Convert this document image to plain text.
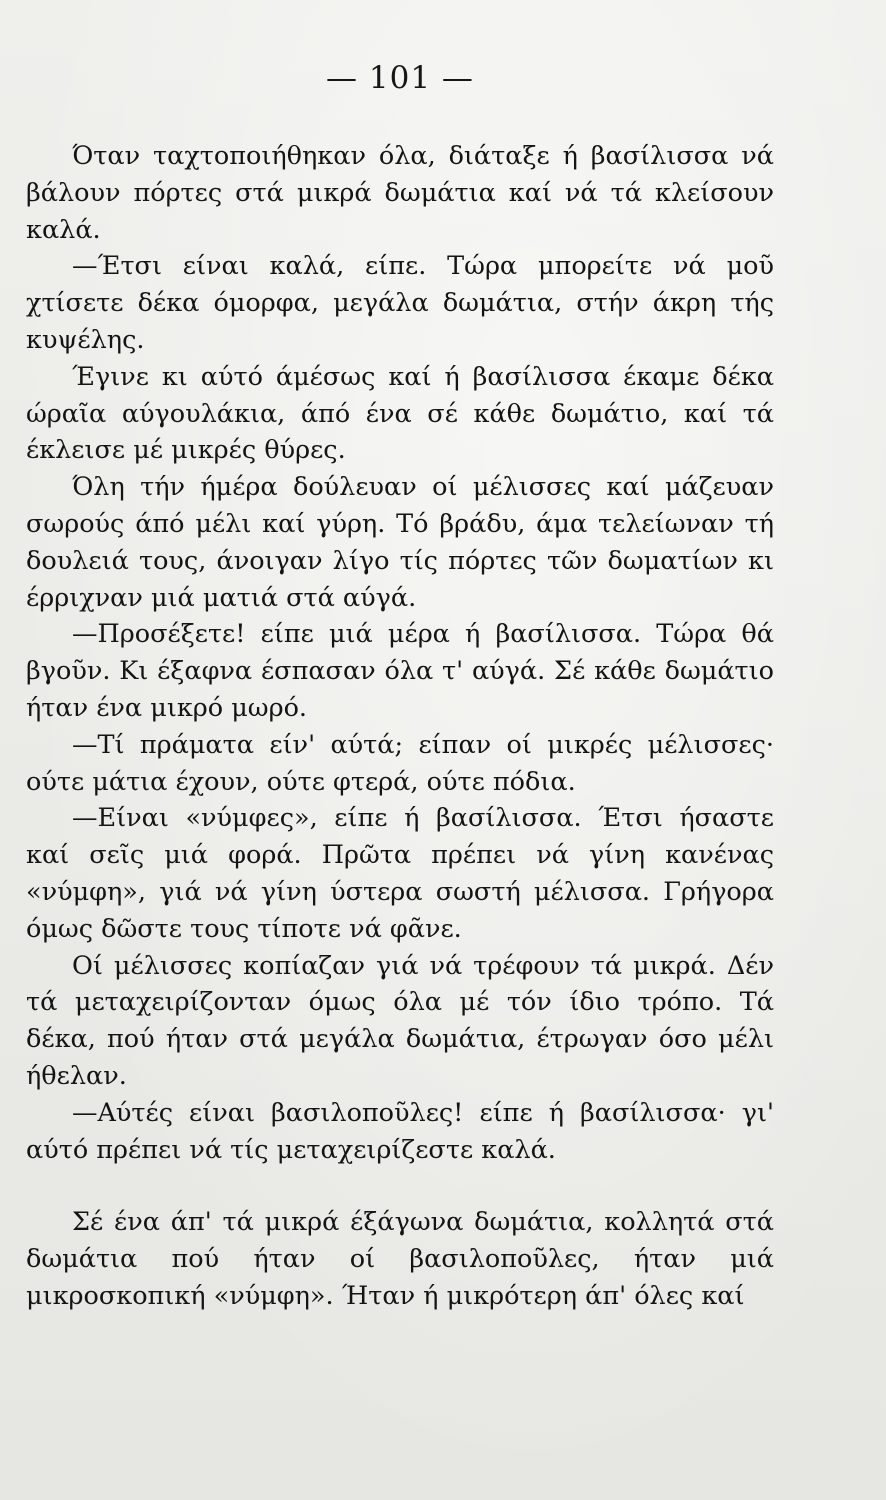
— 101 —

Όταν ταχτοποιήθηκαν όλα, διάταξε ή βασίλισσα νά βάλουν πόρτες στά μικρά δωμάτια καί νά τά κλείσουν καλά.

—Έτσι είναι καλά, είπε. Τώρα μπορείτε νά μοῦ χτίσετε δέκα όμορφα, μεγάλα δωμάτια, στήν άκρη τής κυψέλης.

Έγινε κι αύτό άμέσως καί ή βασίλισσα έκαμε δέκα ώραῖα αύγουλάκια, άπό ένα σέ κάθε δωμάτιο, καί τά έκλεισε μέ μικρές θύρες.

Όλη τήν ήμέρα δούλευαν οί μέλισσες καί μάζευαν σωρούς άπό μέλι καί γύρη. Τό βράδυ, άμα τελείωναν τή δουλειά τους, άνοιγαν λίγο τίς πόρτες τῶν δωματίων κι έρριχναν μιά ματιά στά αύγά.

—Προσέξετε! είπε μιά μέρα ή βασίλισσα. Τώρα θά βγοῦν. Κι έξαφνα έσπασαν όλα τ' αύγά. Σέ κάθε δωμάτιο ήταν ένα μικρό μωρό.

—Τί πράματα είν' αύτά; είπαν οί μικρές μέλισσες· ούτε μάτια έχουν, ούτε φτερά, ούτε πόδια.

—Είναι «νύμφες», είπε ή βασίλισσα. Έτσι ήσαστε καί σεῖς μιά φορά. Πρῶτα πρέπει νά γίνη κανένας «νύμφη», γιά νά γίνη ύστερα σωστή μέλισσα. Γρήγορα όμως δῶστε τους τίποτε νά φᾶνε.

Οί μέλισσες κοπίαζαν γιά νά τρέφουν τά μικρά. Δέν τά μεταχειρίζονταν όμως όλα μέ τόν ίδιο τρόπο. Τά δέκα, πού ήταν στά μεγάλα δωμάτια, έτρωγαν όσο μέλι ήθελαν.

—Αύτές είναι βασιλοποῦλες! είπε ή βασίλισσα· γι' αύτό πρέπει νά τίς μεταχειρίζεστε καλά.

Σέ ένα άπ' τά μικρά έξάγωνα δωμάτια, κολλητά στά δωμάτια πού ήταν οί βασιλοποῦλες, ήταν μιά μικροσκοπική «νύμφη». Ήταν ή μικρότερη άπ' όλες καί
